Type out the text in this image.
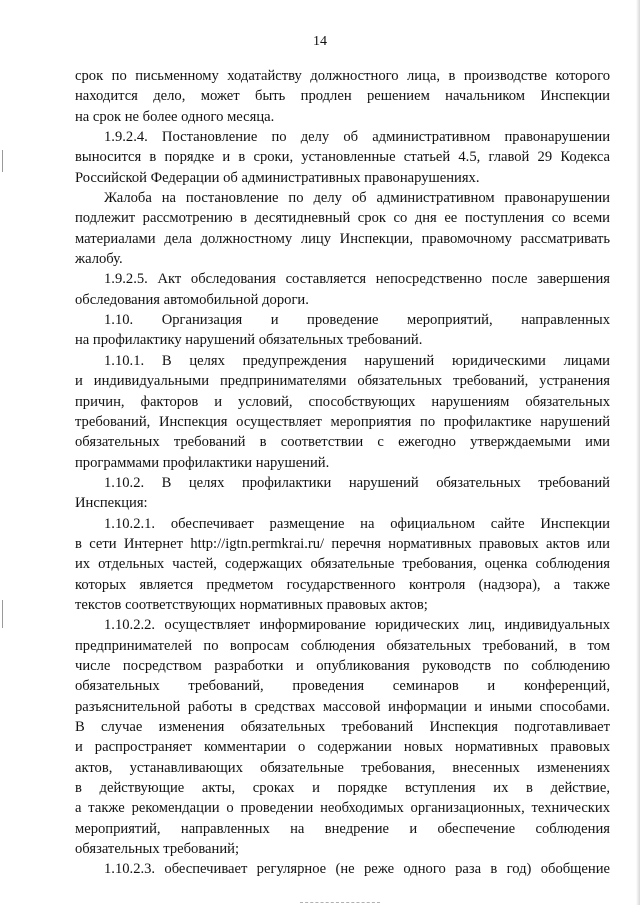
14
срок по письменному ходатайству должностного лица, в производстве которого
находится дело, может быть продлен решением начальником Инспекции
на срок не более одного месяца.
1.9.2.4. Постановление по делу об административном правонарушении
выносится в порядке и в сроки, установленные статьей 4.5, главой 29 Кодекса
Российской Федерации об административных правонарушениях.
Жалоба на постановление по делу об административном правонарушении
подлежит рассмотрению в десятидневный срок со дня ее поступления со всеми
материалами дела должностному лицу Инспекции, правомочному рассматривать
жалобу.
1.9.2.5. Акт обследования составляется непосредственно после завершения
обследования автомобильной дороги.
1.10. Организация и проведение мероприятий, направленных
на профилактику нарушений обязательных требований.
1.10.1. В целях предупреждения нарушений юридическими лицами
и индивидуальными предпринимателями обязательных требований, устранения
причин, факторов и условий, способствующих нарушениям обязательных
требований, Инспекция осуществляет мероприятия по профилактике нарушений
обязательных требований в соответствии с ежегодно утверждаемыми ими
программами профилактики нарушений.
1.10.2. В целях профилактики нарушений обязательных требований
Инспекция:
1.10.2.1. обеспечивает размещение на официальном сайте Инспекции
в сети Интернет http://igtn.permkrai.ru/ перечня нормативных правовых актов или
их отдельных частей, содержащих обязательные требования, оценка соблюдения
которых является предметом государственного контроля (надзора), а также
текстов соответствующих нормативных правовых актов;
1.10.2.2. осуществляет информирование юридических лиц, индивидуальных
предпринимателей по вопросам соблюдения обязательных требований, в том
числе посредством разработки и опубликования руководств по соблюдению
обязательных требований, проведения семинаров и конференций,
разъяснительной работы в средствах массовой информации и иными способами.
В случае изменения обязательных требований Инспекция подготавливает
и распространяет комментарии о содержании новых нормативных правовых
актов, устанавливающих обязательные требования, внесенных изменениях
в действующие акты, сроках и порядке вступления их в действие,
а также рекомендации о проведении необходимых организационных, технических
мероприятий, направленных на внедрение и обеспечение соблюдения
обязательных требований;
1.10.2.3. обеспечивает регулярное (не реже одного раза в год) обобщение
